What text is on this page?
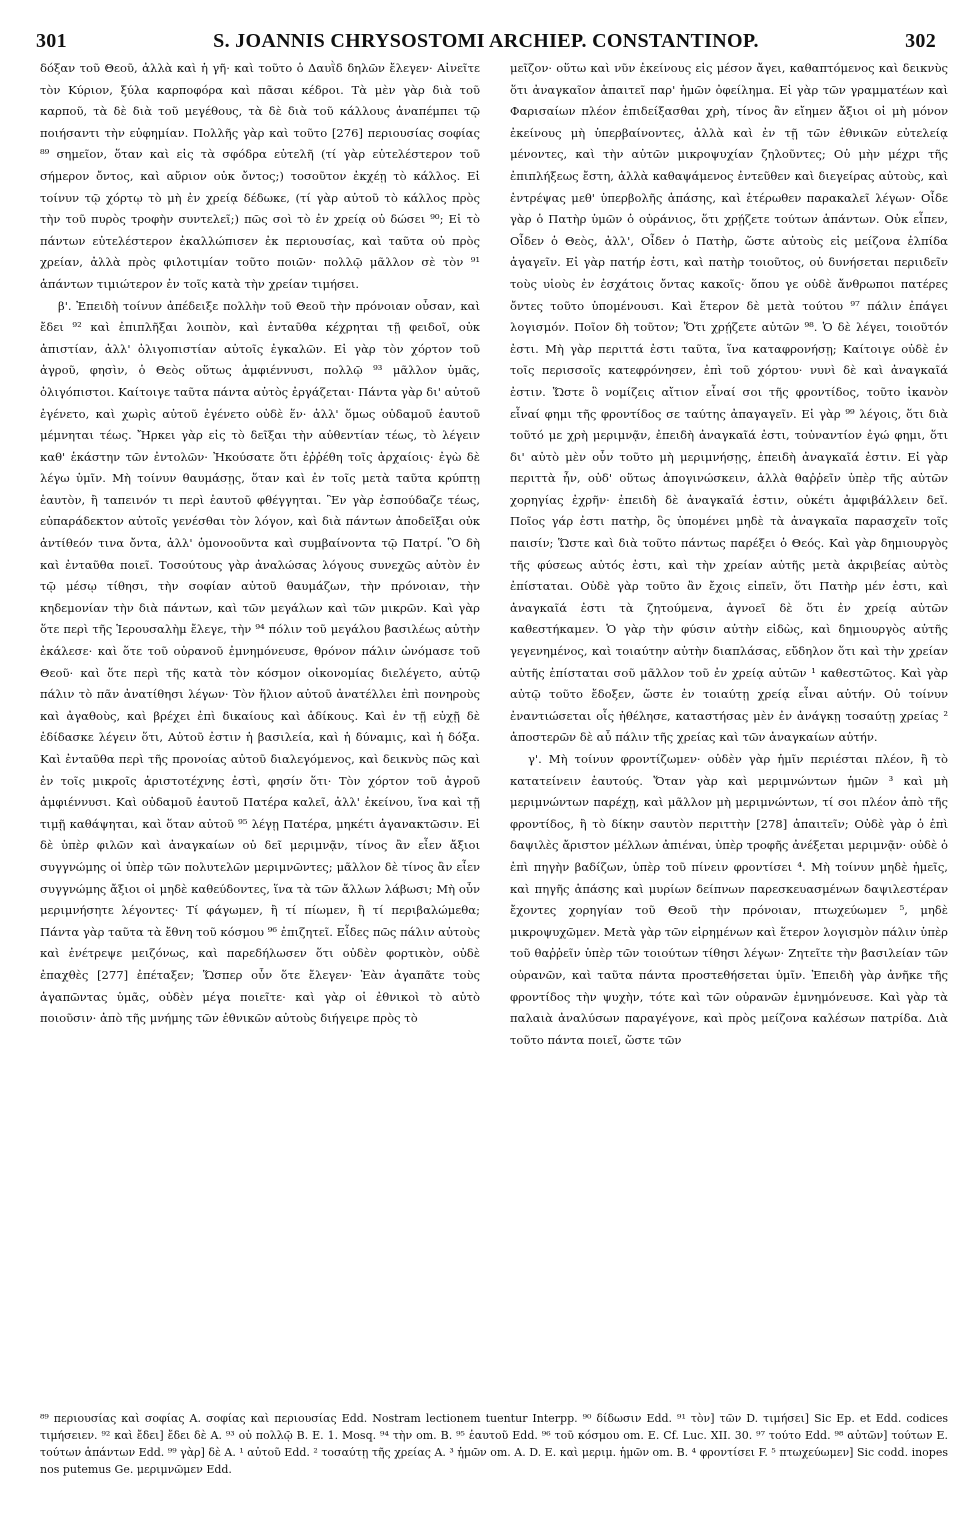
301	S. JOANNIS CHRYSOSTOMI ARCHIEP. CONSTANTINOP.	302

δόξαν τοῦ Θεοῦ, ἀλλὰ καὶ ἡ γῆ· καὶ τοῦτο ὁ Δαυῒδ δηλῶν ἔλεγεν· Αἰνεῖτε τὸν Κύριον, ξύλα καρποφόρα καὶ πᾶσαι κέδροι. Τὰ μὲν γὰρ διὰ τοῦ καρποῦ, τὰ δὲ διὰ τοῦ μεγέθους, τὰ δὲ διὰ τοῦ κάλλους ἀναπέμπει τῷ ποιήσαντι τὴν εὐφημίαν. Πολλῆς γὰρ καὶ τοῦτο [276] περιουσίας σοφίας ⁸⁹ σημεῖον, ὅταν καὶ εἰς τὰ σφόδρα εὐτελῆ (τί γὰρ εὐτελέστερον τοῦ σήμερον ὄντος, καὶ αὔριον οὐκ ὄντος;) τοσοῦτον ἐκχέῃ τὸ κάλλος. Εἰ τοίνυν τῷ χόρτῳ τὸ μὴ ἐν χρείᾳ δέδωκε, (τί γὰρ αὐτοῦ τὸ κάλλος πρὸς τὴν τοῦ πυρὸς τροφὴν συντελεῖ;) πῶς σοὶ τὸ ἐν χρείᾳ οὐ δώσει ⁹⁰; Εἰ τὸ πάντων εὐτελέστερον ἐκαλλώπισεν ἐκ περιουσίας, καὶ ταῦτα οὐ πρὸς χρείαν, ἀλλὰ πρὸς φιλοτιμίαν τοῦτο ποιῶν· πολλῷ μᾶλλον σὲ τὸν ⁹¹ ἁπάντων τιμιώτερον ἐν τοῖς κατὰ τὴν χρείαν τιμήσει.

β'. Ἐπειδὴ τοίνυν ἀπέδειξε πολλὴν τοῦ Θεοῦ τὴν πρόνοιαν οὖσαν, καὶ ἔδει ⁹² καὶ ἐπιπλῆξαι λοιπὸν, καὶ ἐνταῦθα κέχρηται τῇ φειδοῖ, οὐκ ἀπιστίαν, ἀλλ' ὀλιγοπιστίαν αὐτοῖς ἐγκαλῶν. Εἰ γὰρ τὸν χόρτον τοῦ ἀγροῦ, φησὶν, ὁ Θεὸς οὕτως ἀμφιέννυσι, πολλῷ ⁹³ μᾶλλον ὑμᾶς, ὀλιγόπιστοι. Καίτοιγε ταῦτα πάντα αὐτὸς ἐργάζεται· Πάντα γὰρ δι' αὐτοῦ ἐγένετο, καὶ χωρὶς αὐτοῦ ἐγένετο οὐδὲ ἕν· ἀλλ' ὅμως οὐδαμοῦ ἑαυτοῦ μέμνηται τέως. Ἤρκει γὰρ εἰς τὸ δεῖξαι τὴν αὐθεντίαν τέως, τὸ λέγειν καθ' ἑκάστην τῶν ἐντολῶν· Ἠκούσατε ὅτι ἐῤῥέθη τοῖς ἀρχαίοις· ἐγὼ δὲ λέγω ὑμῖν. Μὴ τοίνυν θαυμάσῃς, ὅταν καὶ ἐν τοῖς μετὰ ταῦτα κρύπτῃ ἑαυτὸν, ἢ ταπεινόν τι περὶ ἑαυτοῦ φθέγγηται. Ἓν γὰρ ἐσπούδαζε τέως, εὐπαράδεκτον αὐτοῖς γενέσθαι τὸν λόγον, καὶ διὰ πάντων ἀποδεῖξαι οὐκ ἀντίθεόν τινα ὄντα, ἀλλ' ὁμονοοῦντα καὶ συμβαίνοντα τῷ Πατρί. Ὃ δὴ καὶ ἐνταῦθα ποιεῖ. Τοσούτους γὰρ ἀναλώσας λόγους συνεχῶς αὐτὸν ἐν τῷ μέσῳ τίθησι, τὴν σοφίαν αὐτοῦ θαυμάζων, τὴν πρόνοιαν, τὴν κηδεμονίαν τὴν διὰ πάντων, καὶ τῶν μεγάλων καὶ τῶν μικρῶν. Καὶ γὰρ ὅτε περὶ τῆς Ἱερουσαλὴμ ἔλεγε, τὴν ⁹⁴ πόλιν τοῦ μεγάλου βασιλέως αὐτὴν ἐκάλεσε· καὶ ὅτε τοῦ οὐρανοῦ ἐμνημόνευσε, θρόνον πάλιν ὠνόμασε τοῦ Θεοῦ· καὶ ὅτε περὶ τῆς κατὰ τὸν κόσμον οἰκονομίας διελέγετο, αὐτῷ πάλιν τὸ πᾶν ἀνατίθησι λέγων· Τὸν ἥλιον αὐτοῦ ἀνατέλλει ἐπὶ πονηροὺς καὶ ἀγαθοὺς, καὶ βρέχει ἐπὶ δικαίους καὶ ἀδίκους. Καὶ ἐν τῇ εὐχῇ δὲ ἐδίδασκε λέγειν ὅτι, Αὐτοῦ ἐστιν ἡ βασιλεία, καὶ ἡ δύναμις, καὶ ἡ δόξα. Καὶ ἐνταῦθα περὶ τῆς προνοίας αὐτοῦ διαλεγόμενος, καὶ δεικνὺς πῶς καὶ ἐν τοῖς μικροῖς ἀριστοτέχνης ἐστὶ, φησίν ὅτι· Τὸν χόρτον τοῦ ἀγροῦ ἀμφιέννυσι. Καὶ οὐδαμοῦ ἑαυτοῦ Πατέρα καλεῖ, ἀλλ' ἐκείνου, ἵνα καὶ τῇ τιμῇ καθάψηται, καὶ ὅταν αὐτοῦ ⁹⁵ λέγῃ Πατέρα, μηκέτι ἀγανακτῶσιν. Εἰ δὲ ὑπὲρ φιλῶν καὶ ἀναγκαίων οὐ δεῖ μεριμνᾷν, τίνος ἂν εἶεν ἄξιοι συγγνώμης οἱ ὑπὲρ τῶν πολυτελῶν μεριμνῶντες; μᾶλλον δὲ τίνος ἂν εἶεν συγγνώμης ἄξιοι οἱ μηδὲ καθεύδοντες, ἵνα τὰ τῶν ἄλλων λάβωσι; Μὴ οὖν μεριμνήσητε λέγοντες· Τί φάγωμεν, ἢ τί πίωμεν, ἢ τί περιβαλώμεθα; Πάντα γὰρ ταῦτα τὰ ἔθνη τοῦ κόσμου ⁹⁶ ἐπιζητεῖ. Εἶδες πῶς πάλιν αὐτοὺς καὶ ἐνέτρεψε μειζόνως, καὶ παρεδήλωσεν ὅτι οὐδὲν φορτικὸν, οὐδὲ ἐπαχθὲς [277] ἐπέταξεν; Ὥσπερ οὖν ὅτε ἔλεγεν· Ἐὰν ἀγαπᾶτε τοὺς ἀγαπῶντας ὑμᾶς, οὐδὲν μέγα ποιεῖτε· καὶ γὰρ οἱ ἐθνικοὶ τὸ αὐτὸ ποιοῦσιν· ἀπὸ τῆς μνήμης τῶν ἐθνικῶν αὐτοὺς διήγειρε πρὸς τὸ

μεῖζον· οὕτω καὶ νῦν ἐκείνους εἰς μέσον ἄγει, καθαπτόμενος καὶ δεικνὺς ὅτι ἀναγκαῖον ἀπαιτεῖ παρ' ἡμῶν ὀφείλημα. Εἰ γὰρ τῶν γραμματέων καὶ Φαρισαίων πλέον ἐπιδείξασθαι χρὴ, τίνος ἂν εἴημεν ἄξιοι οἱ μὴ μόνον ἐκείνους μὴ ὑπερβαίνοντες, ἀλλὰ καὶ ἐν τῇ τῶν ἐθνικῶν εὐτελείᾳ μένοντες, καὶ τὴν αὐτῶν μικροψυχίαν ζηλοῦντες; Οὐ μὴν μέχρι τῆς ἐπιπλήξεως ἔστη, ἀλλὰ καθαψάμενος ἐντεῦθεν καὶ διεγείρας αὐτοὺς, καὶ ἐντρέψας μεθ' ὑπερβολῆς ἁπάσης, καὶ ἑτέρωθεν παρακαλεῖ λέγων· Οἶδε γὰρ ὁ Πατὴρ ὑμῶν ὁ οὐράνιος, ὅτι χρῄζετε τούτων ἁπάντων. Οὐκ εἶπεν, Οἶδεν ὁ Θεὸς, ἀλλ', Οἶδεν ὁ Πατὴρ, ὥστε αὐτοὺς εἰς μείζονα ἐλπίδα ἀγαγεῖν. Εἰ γὰρ πατήρ ἐστι, καὶ πατὴρ τοιοῦτος, οὐ δυνήσεται περιιδεῖν τοὺς υἱοὺς ἐν ἐσχάτοις ὄντας κακοῖς· ὅπου γε οὐδὲ ἄνθρωποι πατέρες ὄντες τοῦτο ὑπομένουσι. Καὶ ἕτερον δὲ μετὰ τούτου ⁹⁷ πάλιν ἐπάγει λογισμόν. Ποῖον δὴ τοῦτον; Ὅτι χρῄζετε αὐτῶν ⁹⁸. Ὁ δὲ λέγει, τοιοῦτόν ἐστι. Μὴ γὰρ περιττά ἐστι ταῦτα, ἵνα καταφρονήσῃ; Καίτοιγε οὐδὲ ἐν τοῖς περισσοῖς κατεφρόνησεν, ἐπὶ τοῦ χόρτου· νυνὶ δὲ καὶ ἀναγκαῖά ἐστιν. Ὥστε ὃ νομίζεις αἴτιον εἶναί σοι τῆς φροντίδος, τοῦτο ἱκανὸν εἶναί φημι τῆς φροντίδος σε ταύτης ἀπαγαγεῖν. Εἰ γὰρ ⁹⁹ λέγοις, ὅτι διὰ τοῦτό με χρὴ μεριμνᾷν, ἐπειδὴ ἀναγκαῖά ἐστι, τοὐναντίον ἐγώ φημι, ὅτι δι' αὐτὸ μὲν οὖν τοῦτο μὴ μεριμνήσῃς, ἐπειδὴ ἀναγκαῖά ἐστιν. Εἰ γὰρ περιττὰ ἦν, οὐδ' οὕτως ἀπογινώσκειν, ἀλλὰ θαῤῥεῖν ὑπὲρ τῆς αὐτῶν χορηγίας ἐχρῆν· ἐπειδὴ δὲ ἀναγκαῖά ἐστιν, οὐκέτι ἀμφιβάλλειν δεῖ. Ποῖος γάρ ἐστι πατὴρ, ὃς ὑπομένει μηδὲ τὰ ἀναγκαῖα παρασχεῖν τοῖς παισίν; Ὥστε καὶ διὰ τοῦτο πάντως παρέξει ὁ Θεός. Καὶ γὰρ δημιουργὸς τῆς φύσεως αὐτός ἐστι, καὶ τὴν χρείαν αὐτῆς μετὰ ἀκριβείας αὐτὸς ἐπίσταται. Οὐδὲ γὰρ τοῦτο ἂν ἔχοις εἰπεῖν, ὅτι Πατὴρ μέν ἐστι, καὶ ἀναγκαῖά ἐστι τὰ ζητούμενα, ἀγνοεῖ δὲ ὅτι ἐν χρείᾳ αὐτῶν καθεστήκαμεν. Ὁ γὰρ τὴν φύσιν αὐτὴν εἰδὼς, καὶ δημιουργὸς αὐτῆς γεγενημένος, καὶ τοιαύτην αὐτὴν διαπλάσας, εὔδηλον ὅτι καὶ τὴν χρείαν αὐτῆς ἐπίσταται σοῦ μᾶλλον τοῦ ἐν χρείᾳ αὐτῶν ¹ καθεστῶτος. Καὶ γὰρ αὐτῷ τοῦτο ἔδοξεν, ὥστε ἐν τοιαύτῃ χρείᾳ εἶναι αὐτήν. Οὐ τοίνυν ἐναντιώσεται οἷς ἠθέλησε, καταστήσας μὲν ἐν ἀνάγκῃ τοσαύτῃ χρείας ² ἀποστερῶν δὲ αὖ πάλιν τῆς χρείας καὶ τῶν ἀναγκαίων αὐτήν.

γ'. Μὴ τοίνυν φροντίζωμεν· οὐδὲν γὰρ ἡμῖν περιέσται πλέον, ἢ τὸ κατατείνειν ἑαυτούς. Ὅταν γὰρ καὶ μεριμνώντων ἡμῶν ³ καὶ μὴ μεριμνώντων παρέχῃ, καὶ μᾶλλον μὴ μεριμνώντων, τί σοι πλέον ἀπὸ τῆς φροντίδος, ἢ τὸ δίκην σαυτὸν περιττὴν [278] ἀπαιτεῖν; Οὐδὲ γὰρ ὁ ἐπὶ δαψιλὲς ἄριστον μέλλων ἀπιέναι, ὑπὲρ τροφῆς ἀνέξεται μεριμνᾷν· οὐδὲ ὁ ἐπὶ πηγὴν βαδίζων, ὑπὲρ τοῦ πίνειν φροντίσει ⁴. Μὴ τοίνυν μηδὲ ἡμεῖς, καὶ πηγῆς ἁπάσης καὶ μυρίων δείπνων παρεσκευασμένων δαψιλεστέραν ἔχοντες χορηγίαν τοῦ Θεοῦ τὴν πρόνοιαν, πτωχεύωμεν ⁵, μηδὲ μικροψυχῶμεν. Μετὰ γὰρ τῶν εἰρημένων καὶ ἕτερον λογισμὸν πάλιν ὑπὲρ τοῦ θαῤῥεῖν ὑπὲρ τῶν τοιούτων τίθησι λέγων· Ζητεῖτε τὴν βασιλείαν τῶν οὐρανῶν, καὶ ταῦτα πάντα προστεθήσεται ὑμῖν. Ἐπειδὴ γὰρ ἀνῆκε τῆς φροντίδος τὴν ψυχὴν, τότε καὶ τῶν οὐρανῶν ἐμνημόνευσε. Καὶ γὰρ τὰ παλαιὰ ἀναλύσων παραγέγονε, καὶ πρὸς μείζονα καλέσων πατρίδα. Διὰ τοῦτο πάντα ποιεῖ, ὥστε τῶν

⁸⁹ περιουσίας καὶ σοφίας A. σοφίας καὶ περιουσίας Edd. Nostram lectionem tuentur Interpp. ⁹⁰ δίδωσιν Edd. ⁹¹ τὸν] τῶν D. τιμήσει] Sic Ep. et Edd. codices τιμήσειεν. ⁹² καὶ ἔδει] ἔδει δὲ A. ⁹³ οὐ πολλῷ B. E. 1. Mosq. ⁹⁴ τὴν om. B. ⁹⁵ ἑαυτοῦ Edd. ⁹⁶ τοῦ κόσμου om. E. Cf. Luc. XII. 30. ⁹⁷ τούτο Edd. ⁹⁸ αὐτῶν] τούτων E. τούτων ἁπάντων Edd. ⁹⁹ γὰρ] δὲ A. ¹ αὐτοῦ Edd. ² τοσαύτῃ τῆς χρείας A. ³ ἡμῶν om. A. D. E. καὶ μεριμ. ἡμῶν om. B. ⁴ φροντίσει F. ⁵ πτωχεύωμεν] Sic codd. inopes nos putemus Ge. μεριμνῶμεν Edd.
